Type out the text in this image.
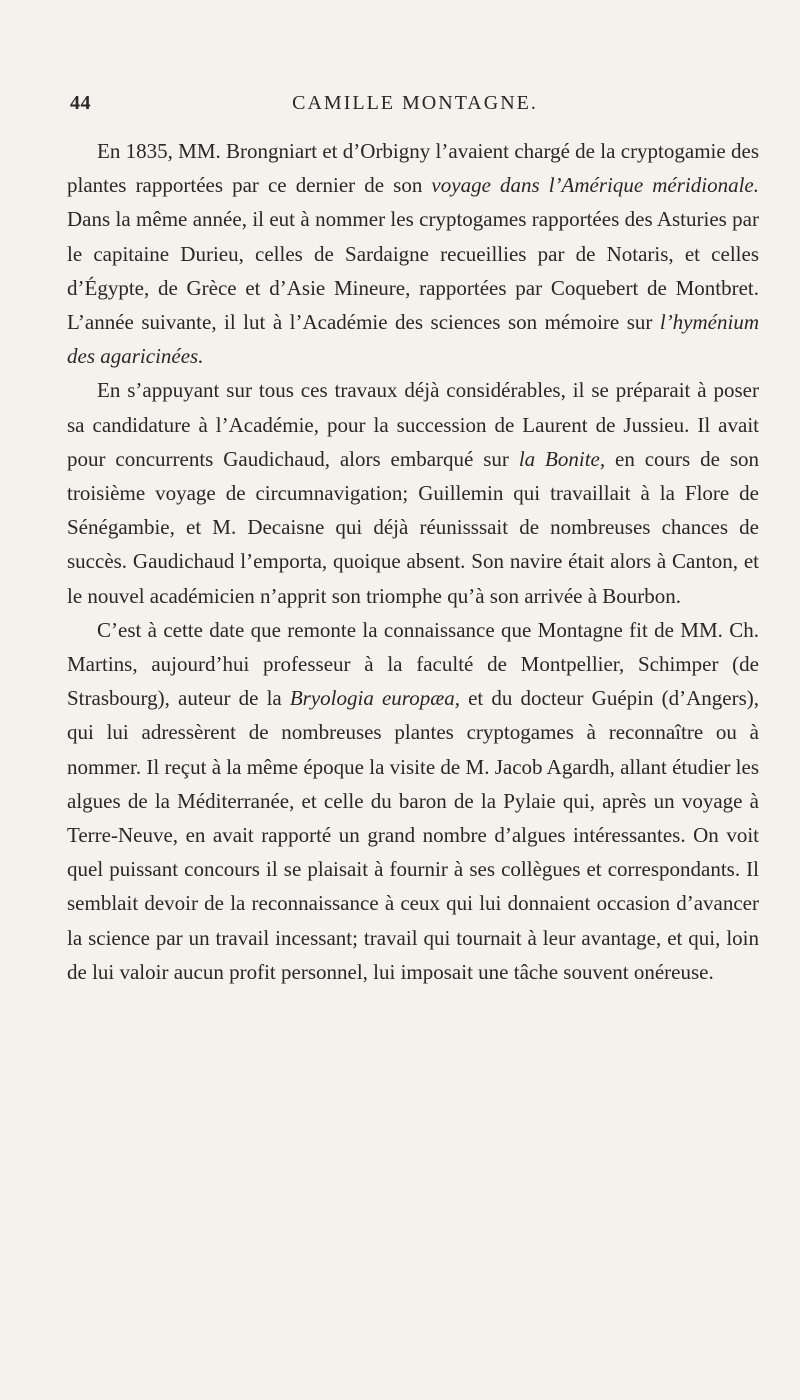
44	CAMILLE MONTAGNE.

En 1835, MM. Brongniart et d’Orbigny l’avaient chargé de la cryptogamie des plantes rapportées par ce dernier de son voyage dans l’Amérique méridionale. Dans la même année, il eut à nommer les cryptogames rapportées des Asturies par le capitaine Durieu, celles de Sardaigne recueillies par de Notaris, et celles d’Égypte, de Grèce et d’Asie Mineure, rapportées par Coquebert de Montbret. L’année suivante, il lut à l’Académie des sciences son mémoire sur l’hyménium des agaricinées.

En s’appuyant sur tous ces travaux déjà considérables, il se préparait à poser sa candidature à l’Académie, pour la succession de Laurent de Jussieu. Il avait pour concurrents Gaudichaud, alors embarqué sur la Bonite, en cours de son troisième voyage de circumnavigation; Guillemin qui travaillait à la Flore de Sénégambie, et M. Decaisne qui déjà réunisssait de nombreuses chances de succès. Gaudichaud l’emporta, quoique absent. Son navire était alors à Canton, et le nouvel académicien n’apprit son triomphe qu’à son arrivée à Bourbon.

C’est à cette date que remonte la connaissance que Montagne fit de MM. Ch. Martins, aujourd’hui professeur à la faculté de Montpellier, Schimper (de Strasbourg), auteur de la Bryologia europæa, et du docteur Guépin (d’Angers), qui lui adressèrent de nombreuses plantes cryptogames à reconnaître ou à nommer. Il reçut à la même époque la visite de M. Jacob Agardh, allant étudier les algues de la Méditerranée, et celle du baron de la Pylaie qui, après un voyage à Terre-Neuve, en avait rapporté un grand nombre d’algues intéressantes. On voit quel puissant concours il se plaisait à fournir à ses collègues et correspondants. Il semblait devoir de la reconnaissance à ceux qui lui donnaient occasion d’avancer la science par un travail incessant; travail qui tournait à leur avantage, et qui, loin de lui valoir aucun profit personnel, lui imposait une tâche souvent onéreuse.
